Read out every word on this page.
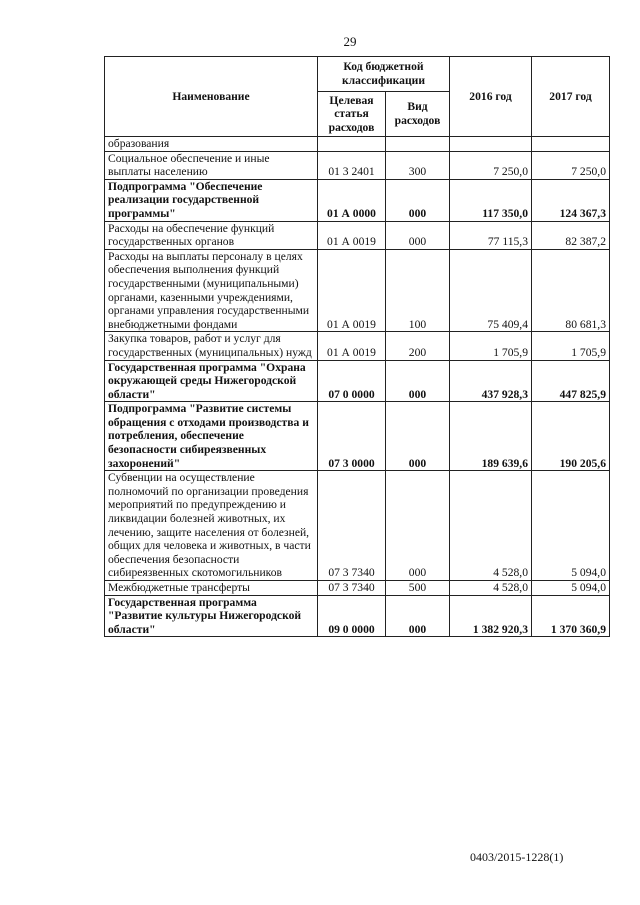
29
Наименование	Код бюджетной классификации		2016 год	2017 год
	Целевая статья расходов	Вид расходов		
образования				
Социальное обеспечение и иные выплаты населению	01 3 2401	300	7 250,0	7 250,0
Подпрограмма "Обеспечение реализации государственной программы"	01 А 0000	000	117 350,0	124 367,3
Расходы на обеспечение функций государственных органов	01 А 0019	000	77 115,3	82 387,2
Расходы на выплаты персоналу в целях обеспечения выполнения функций государственными (муниципальными) органами, казенными учреждениями, органами управления государственными внебюджетными фондами	01 А 0019	100	75 409,4	80 681,3
Закупка товаров, работ и услуг для государственных (муниципальных) нужд	01 А 0019	200	1 705,9	1 705,9
Государственная программа "Охрана окружающей среды Нижегородской области"	07 0 0000	000	437 928,3	447 825,9
Подпрограмма "Развитие системы обращения с отходами производства и потребления, обеспечение безопасности сибиреязвенных захоронений"	07 3 0000	000	189 639,6	190 205,6
Субвенции на осуществление полномочий по организации проведения мероприятий по предупреждению и ликвидации болезней животных, их лечению, защите населения от болезней, общих для человека и животных, в части обеспечения безопасности сибиреязвенных скотомогильников	07 3 7340	000	4 528,0	5 094,0
Межбюджетные трансферты	07 3 7340	500	4 528,0	5 094,0
Государственная программа "Развитие культуры Нижегородской области"	09 0 0000	000	1 382 920,3	1 370 360,9
0403/2015-1228(1)
